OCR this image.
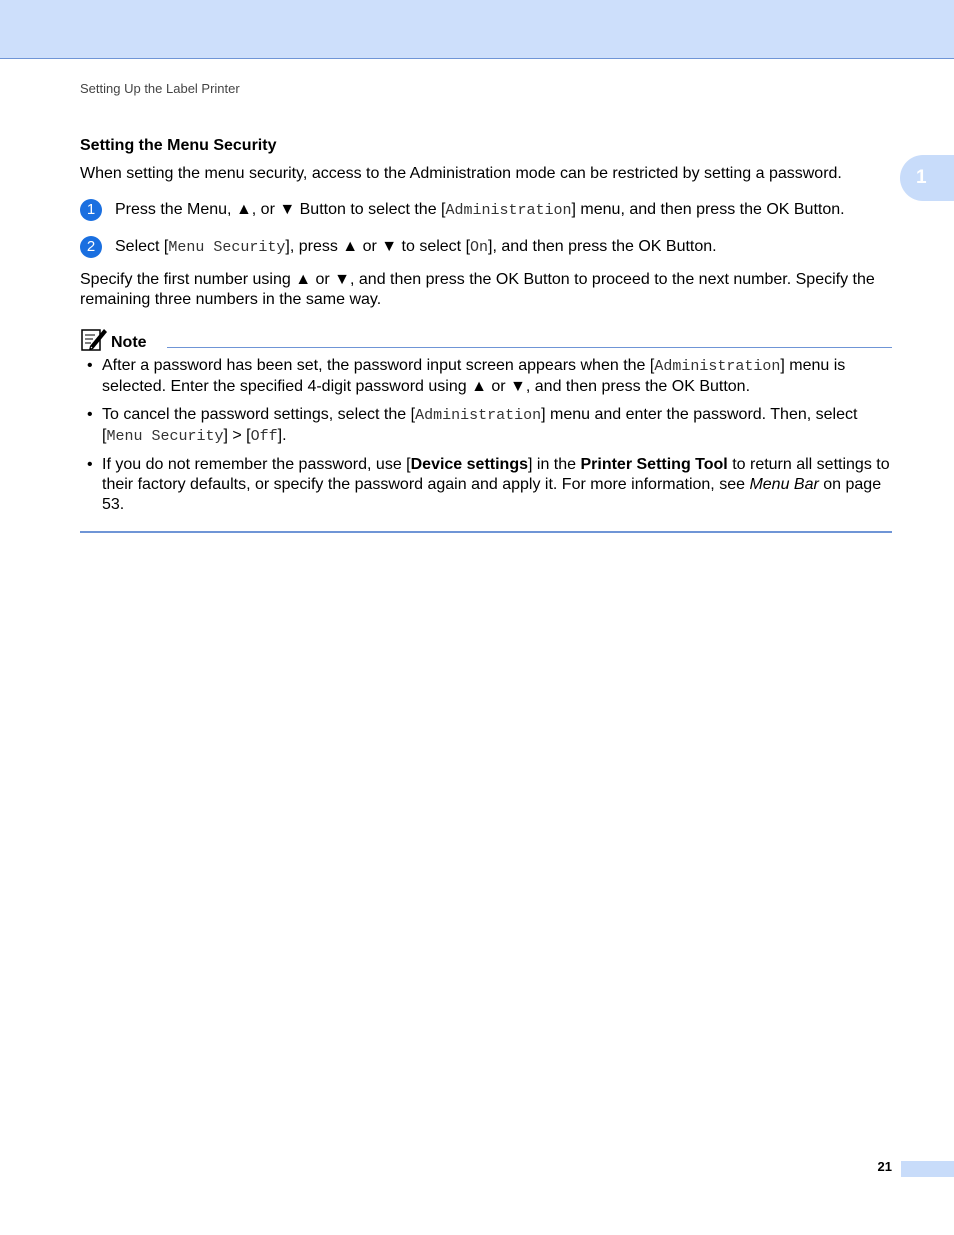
Setting Up the Label Printer
1
Setting the Menu Security

When setting the menu security, access to the Administration mode can be restricted by setting a password.

1	Press the Menu, ▲, or ▼ Button to select the [Administration] menu, and then press the OK Button.
2	Select [Menu Security], press ▲ or ▼ to select [On], and then press the OK Button.

Specify the first number using ▲ or ▼, and then press the OK Button to proceed to the next number. Specify the remaining three numbers in the same way.

Note
• After a password has been set, the password input screen appears when the [Administration] menu is selected. Enter the specified 4-digit password using ▲ or ▼, and then press the OK Button.
• To cancel the password settings, select the [Administration] menu and enter the password. Then, select [Menu Security] > [Off].
• If you do not remember the password, use [Device settings] in the Printer Setting Tool to return all settings to their factory defaults, or specify the password again and apply it. For more information, see Menu Bar on page 53.
21
